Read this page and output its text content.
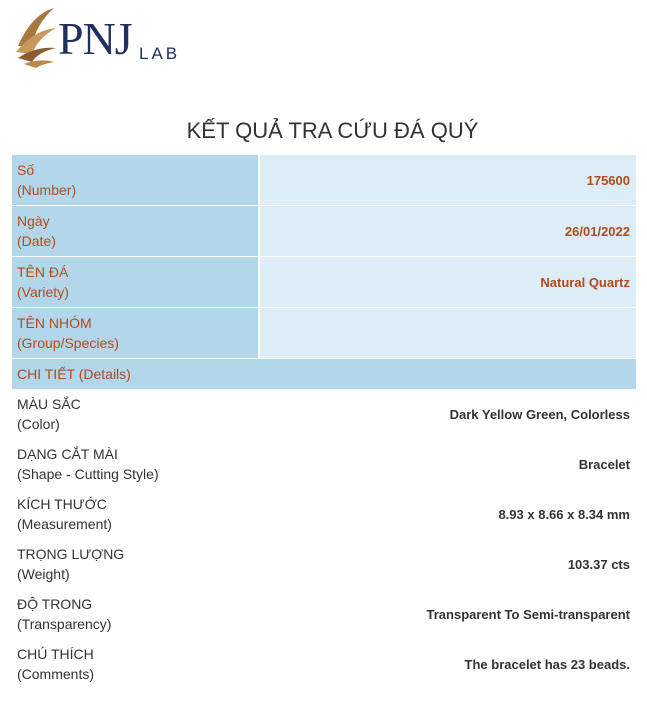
PNJ LAB
KẾT QUẢ TRA CỨU ĐÁ QUÝ
Số
(Number)	175600

Ngày
(Date)	26/01/2022

TÊN ĐÁ
(Variety)	Natural Quartz

TÊN NHÓM
(Group/Species)	

CHI TIẾT (Details)	

MÀU SẮC
(Color)	Dark Yellow Green, Colorless

DẠNG CẮT MÀI
(Shape - Cutting Style)	Bracelet

KÍCH THƯỚC
(Measurement)	8.93 x 8.66 x 8.34 mm

TRỌNG LƯỢNG
(Weight)	103.37 cts

ĐỘ TRONG
(Transparency)	Transparent To Semi-transparent

CHÚ THÍCH
(Comments)	The bracelet has 23 beads.
